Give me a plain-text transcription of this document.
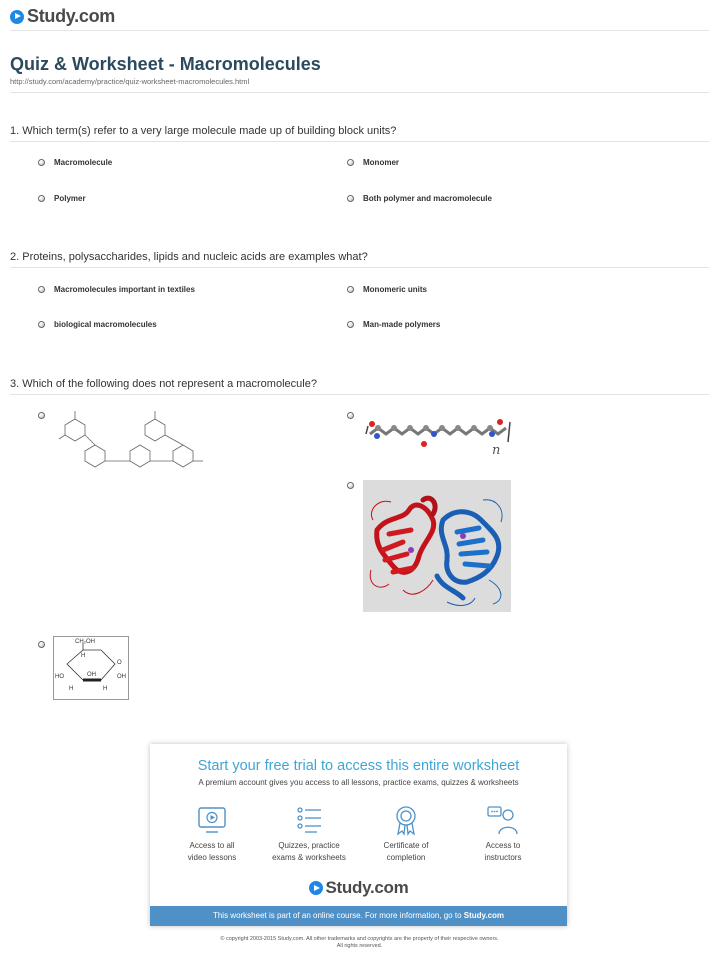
Study.com
Quiz & Worksheet - Macromolecules
http://study.com/academy/practice/quiz-worksheet-macromolecules.html
1. Which term(s) refer to a very large molecule made up of building block units?
Macromolecule	Monomer
Polymer	Both polymer and macromolecule
2. Proteins, polysaccharides, lipids and nucleic acids are examples what?
Macromolecules important in textiles	Monomeric units
biological macromolecules	Man-made polymers
3. Which of the following does not represent a macromolecule?
n
CH₂OH
O
HO	OH
OH
H	H
H
Start your free trial to access this entire worksheet
A premium account gives you access to all lessons, practice exams, quizzes & worksheets
Access to all
video lessons
Quizzes, practice
exams & worksheets
Certificate of
completion
Access to
instructors
Study.com
This worksheet is part of an online course. For more information, go to Study.com
© copyright 2003-2015 Study.com. All other trademarks and copyrights are the property of their respective owners.
All rights reserved.
